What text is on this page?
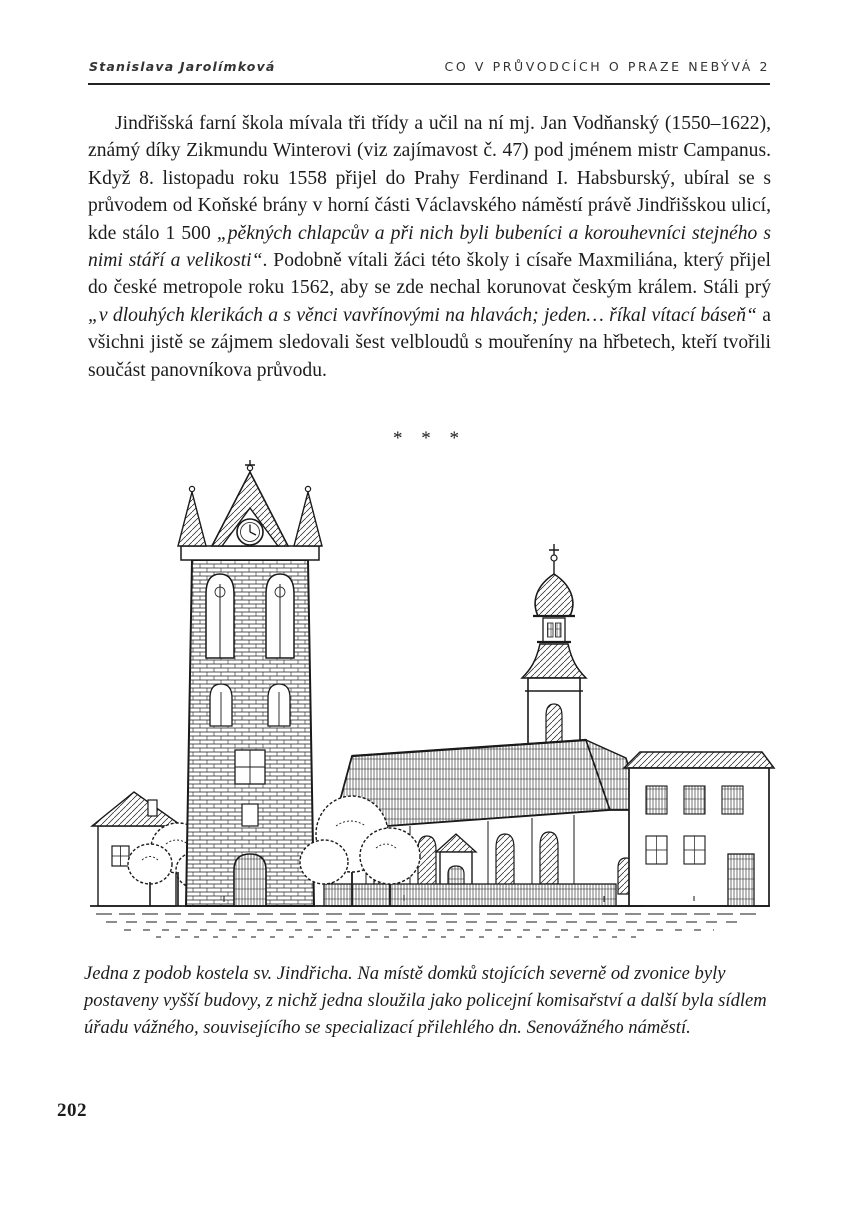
Stanislava Jarolímková	CO V PRŮVODCÍCH O PRAZE NEBÝVÁ 2

Jindřišská farní škola mívala tři třídy a učil na ní mj. Jan Vodňanský (1550–1622), známý díky Zikmundu Winterovi (viz zajímavost č. 47) pod jménem mistr Campanus. Když 8. listopadu roku 1558 přijel do Prahy Ferdinand I. Habsburský, ubíral se s průvodem od Koňské brány v horní části Václavského náměstí právě Jindřišskou ulicí, kde stálo 1 500 „pěkných chlapcův a při nich byli bubeníci a korouhevníci stejného s nimi stáří a velikosti“. Podobně vítali žáci této školy i císaře Maxmiliána, který přijel do české metropole roku 1562, aby se zde nechal korunovat českým králem. Stáli prý „v dlouhých klerikách a s věnci vavřínovými na hlavách; jeden… říkal vítací báseň“ a všichni jistě se zájmem sledovali šest velbloudů s mouřeníny na hřbetech, kteří tvořili součást panovníkova průvodu.

* * *
Jedna z podob kostela sv. Jindřicha. Na místě domků stojících severně od zvonice byly postaveny vyšší budovy, z nichž jedna sloužila jako policejní komisařství a další byla sídlem úřadu vážného, souvisejícího se specializací přilehlého dn. Senovážného náměstí.
202
